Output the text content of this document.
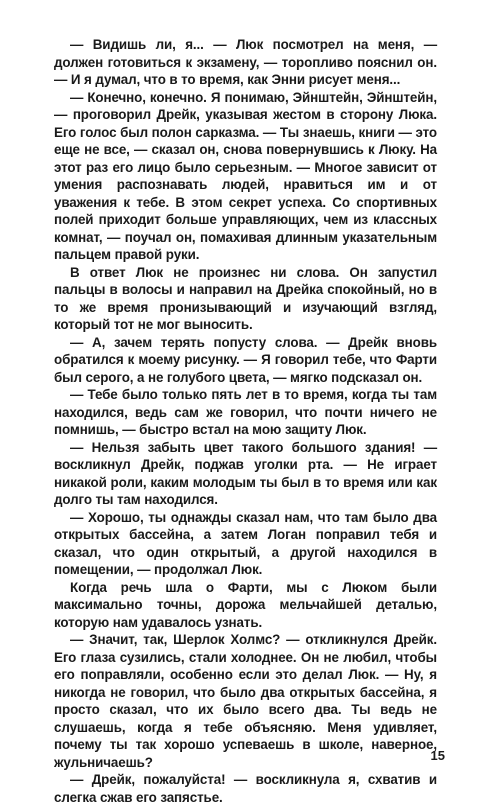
— Видишь ли, я... — Люк посмотрел на меня, — должен готовиться к экзамену, — торопливо пояснил он. — И я думал, что в то время, как Энни рисует меня...

— Конечно, конечно. Я понимаю, Эйнштейн, Эйнштейн, — проговорил Дрейк, указывая жестом в сторону Люка. Его голос был полон сарказма. — Ты знаешь, книги — это еще не все, — сказал он, снова повернувшись к Люку. На этот раз его лицо было серьезным. — Многое зависит от умения распознавать людей, нравиться им и от уважения к тебе. В этом секрет успеха. Со спортивных полей приходит больше управляющих, чем из классных комнат, — поучал он, помахивая длинным указательным пальцем правой руки.

В ответ Люк не произнес ни слова. Он запустил пальцы в волосы и направил на Дрейка спокойный, но в то же время пронизывающий и изучающий взгляд, который тот не мог выносить.

— А, зачем терять попусту слова. — Дрейк вновь обратился к моему рисунку. — Я говорил тебе, что Фарти был серого, а не голубого цвета, — мягко подсказал он.

— Тебе было только пять лет в то время, когда ты там находился, ведь сам же говорил, что почти ничего не помнишь, — быстро встал на мою защиту Люк.

— Нельзя забыть цвет такого большого здания! — воскликнул Дрейк, поджав уголки рта. — Не играет никакой роли, каким молодым ты был в то время или как долго ты там находился.

— Хорошо, ты однажды сказал нам, что там было два открытых бассейна, а затем Логан поправил тебя и сказал, что один открытый, а другой находился в помещении, — продолжал Люк.

Когда речь шла о Фарти, мы с Люком были максимально точны, дорожа мельчайшей деталью, которую нам удавалось узнать.

— Значит, так, Шерлок Холмс? — откликнулся Дрейк. Его глаза сузились, стали холоднее. Он не любил, чтобы его поправляли, особенно если это делал Люк. — Ну, я никогда не говорил, что было два открытых бассейна, я просто сказал, что их было всего два. Ты ведь не слушаешь, когда я тебе объясняю. Меня удивляет, почему ты так хорошо успеваешь в школе, наверное, жульничаешь?

— Дрейк, пожалуйста! — воскликнула я, схватив и слегка сжав его запястье.

15
